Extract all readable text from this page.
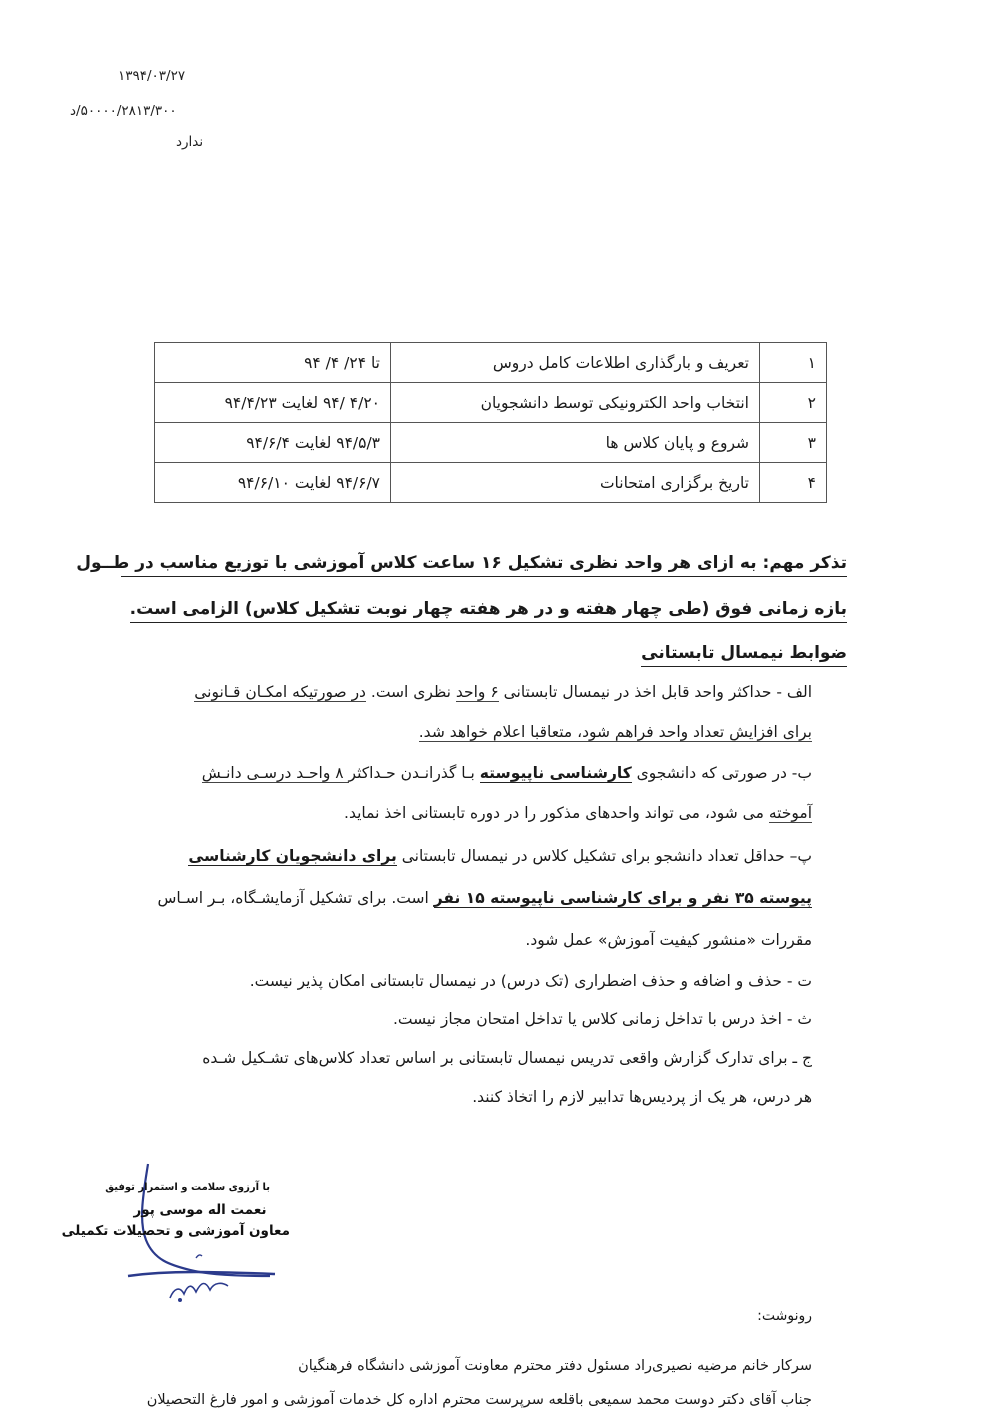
۱۳۹۴/۰۳/۲۷
۵۰۰۰۰/۲۸۱۳/۳۰۰/د
ندارد
۱	تعریف و بارگذاری اطلاعات کامل دروس	تا ۲۴/ ۴/ ۹۴
۲	انتخاب واحد الکترونیکی توسط دانشجویان	۴/۲۰ /۹۴ لغایت ۹۴/۴/۲۳
۳	شروع و پایان کلاس ها	۹۴/۵/۳ لغایت ۹۴/۶/۴
۴	تاریخ برگزاری امتحانات	۹۴/۶/۷ لغایت ۹۴/۶/۱۰
تذکر مهم: به ازای هر واحد نظری تشکیل ۱۶ ساعت کلاس آموزشی با توزیع مناسب در طــول
بازه زمانی فوق (طی چهار هفته و در هر هفته چهار نوبت تشکیل کلاس) الزامی است.
ضوابط نیمسال تابستانی
الف - حداکثر واحد قابل اخذ در نیمسال تابستانی ۶ واحد نظری است. در صورتیکه امکـان قـانونی
برای افزایش تعداد واحد فراهم شود، متعاقبا اعلام خواهد شد.
ب- در صورتی که دانشجوی کارشناسی ناپیوسته بـا گذرانـدن حـداکثر ۸ واحـد درسـی دانـش
آموخته می شود، می تواند واحدهای مذکور را در دوره تابستانی اخذ نماید.
پ– حداقل تعداد دانشجو برای تشکیل کلاس در نیمسال تابستانی برای دانشجویان کارشناسی
پیوسته ۳۵ نفر و برای کارشناسی ناپیوسته ۱۵ نفر است. برای تشکیل آزمایشـگاه، بـر اسـاس
مقررات «منشور کیفیت آموزش» عمل شود.
ت - حذف و اضافه و حذف اضطراری (تک درس) در نیمسال تابستانی امکان پذیر نیست.
ث - اخذ درس با تداخل زمانی کلاس یا تداخل امتحان مجاز نیست.
ج ـ برای تدارک گزارش واقعی تدریس نیمسال تابستانی بر اساس تعداد کلاس‌های تشـکیل شـده
هر درس، هر یک از پردیس‌ها تدابیر لازم را اتخاذ کنند.
با آرزوی سلامت و استمرار توفیق
نعمت اله موسی پور
معاون آموزشی و تحصیلات تکمیلی
رونوشت:
سرکار خانم مرضیه نصیری‌راد مسئول دفتر محترم معاونت آموزشی دانشگاه فرهنگیان
جناب آقای دکتر دوست محمد سمیعی باقلعه سرپرست محترم اداره کل خدمات آموزشی و امور فارغ التحصیلان
